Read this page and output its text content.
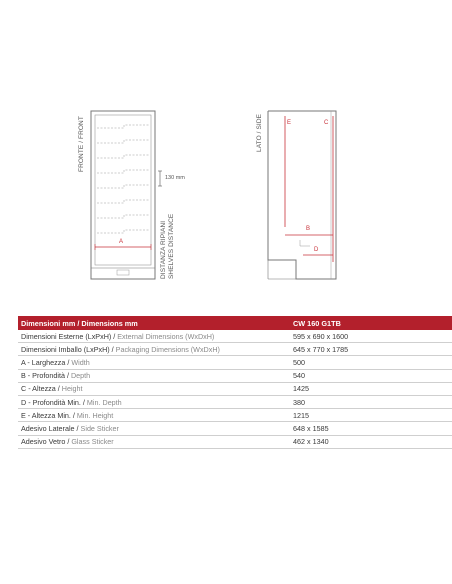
FRONTE / FRONT	LATO / SIDE
DISTANZA RIPIANI SHELVES DISTANCE
130 mm
A
E	C
B
D
Dimensioni mm / Dimensions mm	CW 160 G1TB
Dimensioni Esterne (LxPxH) / External Dimensions (WxDxH)	595 x 690 x 1600
Dimensioni Imballo (LxPxH) / Packaging Dimensions (WxDxH)	645 x 770 x 1785
A - Larghezza / Width	500
B - Profondità / Depth	540
C - Altezza / Height	1425
D - Profondità Min. / Min. Depth	380
E - Altezza Min. / Min. Height	1215
Adesivo Laterale / Side Sticker	648 x 1585
Adesivo Vetro / Glass Sticker	462 x 1340
